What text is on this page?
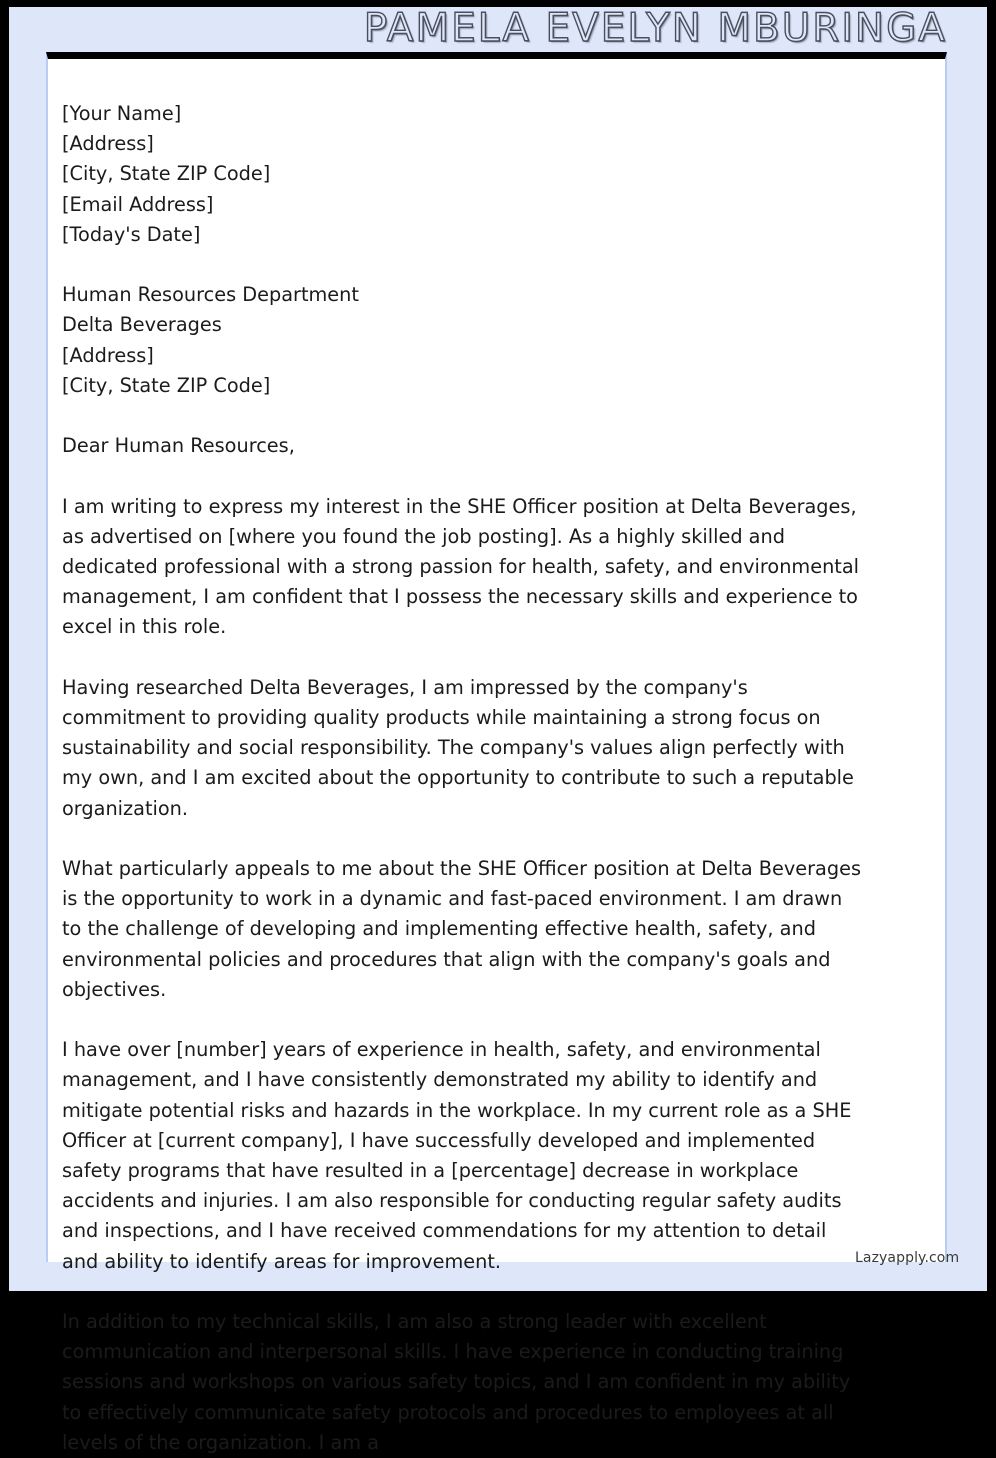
PAMELA EVELYN MBURINGA
[Your Name]
[Address]
[City, State ZIP Code]
[Email Address]
[Today's Date]
Human Resources Department
Delta Beverages
[Address]
[City, State ZIP Code]
Dear Human Resources,

I am writing to express my interest in the SHE Officer position at Delta Beverages, as advertised on [where you found the job posting]. As a highly skilled and dedicated professional with a strong passion for health, safety, and environmental management, I am confident that I possess the necessary skills and experience to excel in this role.

Having researched Delta Beverages, I am impressed by the company's commitment to providing quality products while maintaining a strong focus on sustainability and social responsibility. The company's values align perfectly with my own, and I am excited about the opportunity to contribute to such a reputable organization.

What particularly appeals to me about the SHE Officer position at Delta Beverages is the opportunity to work in a dynamic and fast-paced environment. I am drawn to the challenge of developing and implementing effective health, safety, and environmental policies and procedures that align with the company's goals and objectives.

I have over [number] years of experience in health, safety, and environmental management, and I have consistently demonstrated my ability to identify and mitigate potential risks and hazards in the workplace. In my current role as a SHE Officer at [current company], I have successfully developed and implemented safety programs that have resulted in a [percentage] decrease in workplace accidents and injuries. I am also responsible for conducting regular safety audits and inspections, and I have received commendations for my attention to detail and ability to identify areas for improvement.

In addition to my technical skills, I am also a strong leader with excellent communication and interpersonal skills. I have experience in conducting training sessions and workshops on various safety topics, and I am confident in my ability to effectively communicate safety protocols and procedures to employees at all levels of the organization. I am a

Lazyapply.com
